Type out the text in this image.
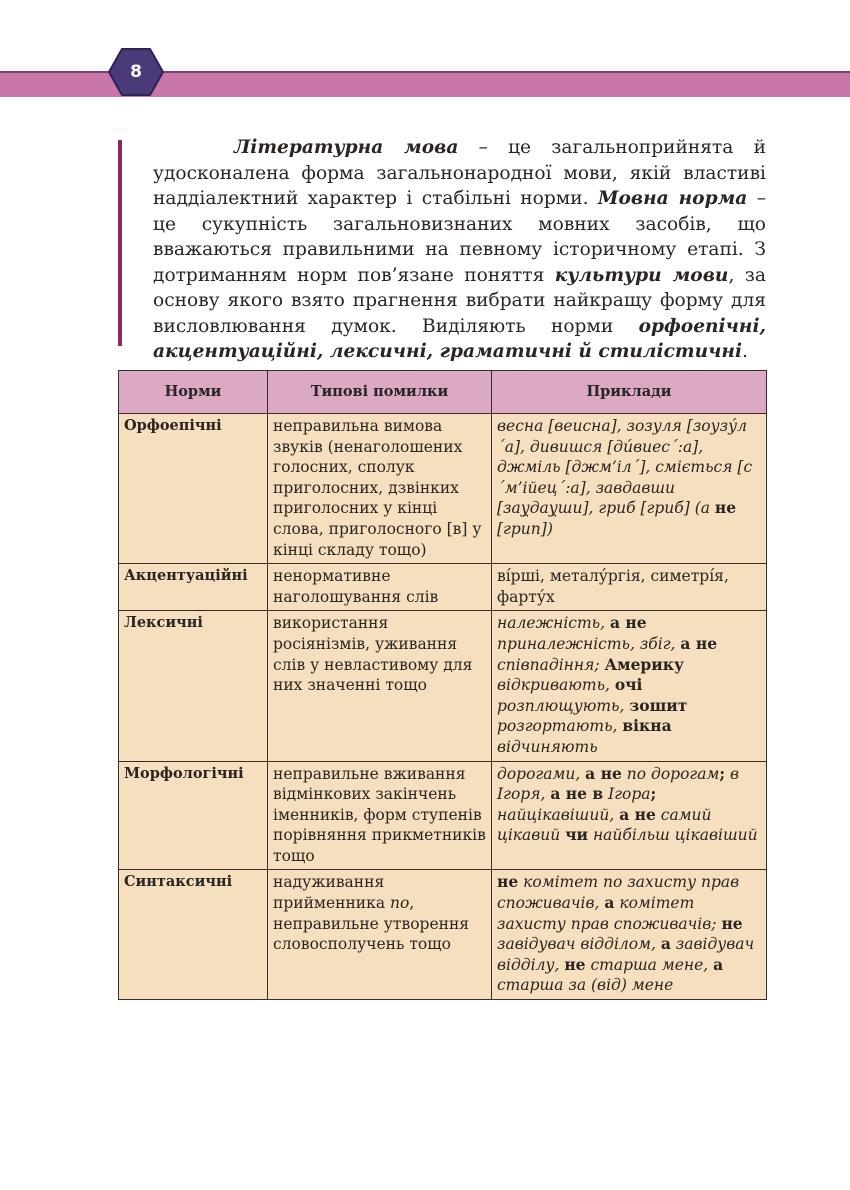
8
Літературна мова – це загальноприйнята й удосконалена форма загальнонародної мови, якій властиві наддіалектний характер і стабільні норми. Мовна норма – це сукупність загальновизнаних мовних засобів, що вважаються правильними на певному історичному етапі. З дотриманням норм пов’язане поняття культури мови, за основу якого взято прагнення вибрати найкращу форму для висловлювання думок. Виділяють норми орфоепічні, акцентуаційні, лексичні, граматичні й стилістичні.
Норми	Типові помилки	Приклади
Орфоепічні	неправильна вимова звуків (ненаголошених голосних, сполук приголосних, дзвінких приголосних у кінці слова, приголосного [в] у кінці складу тощо)	весна [веиснa], зозуля [зоузу́л´а], дивишся [ди́виес´:а], джміль [джм’іл´], сміється [с´м’ійец´:а], завдавши [зау̯дау̯ши], гриб [гриб] (а не [грип])
Акцентуаційні	ненормативне наголошування слів	ві́рші, металу́ргія, симетрі́я, фарту́х
Лексичні	використання росіянізмів, уживання слів у невластивому для них значенні тощо	належність, а не приналежність, збіг, а не співпадіння; Америку відкривають, очі розплющують, зошит розгортають, вікна відчиняють
Морфологічні	неправильне вживання відмінкових закінчень іменників, форм ступенів порівняння прикметників тощо	дорогами, а не по дорогам; в Ігоря, а не в Ігора; найцікавіший, а не самий цікавий чи найбільш цікавіший
Синтаксичні	надуживання прийменника по, неправильне утворення словосполучень тощо	не комітет по захисту прав споживачів, а комітет захисту прав споживачів; не завідувач відділом, а завідувач відділу, не старша мене, а старша за (від) мене
